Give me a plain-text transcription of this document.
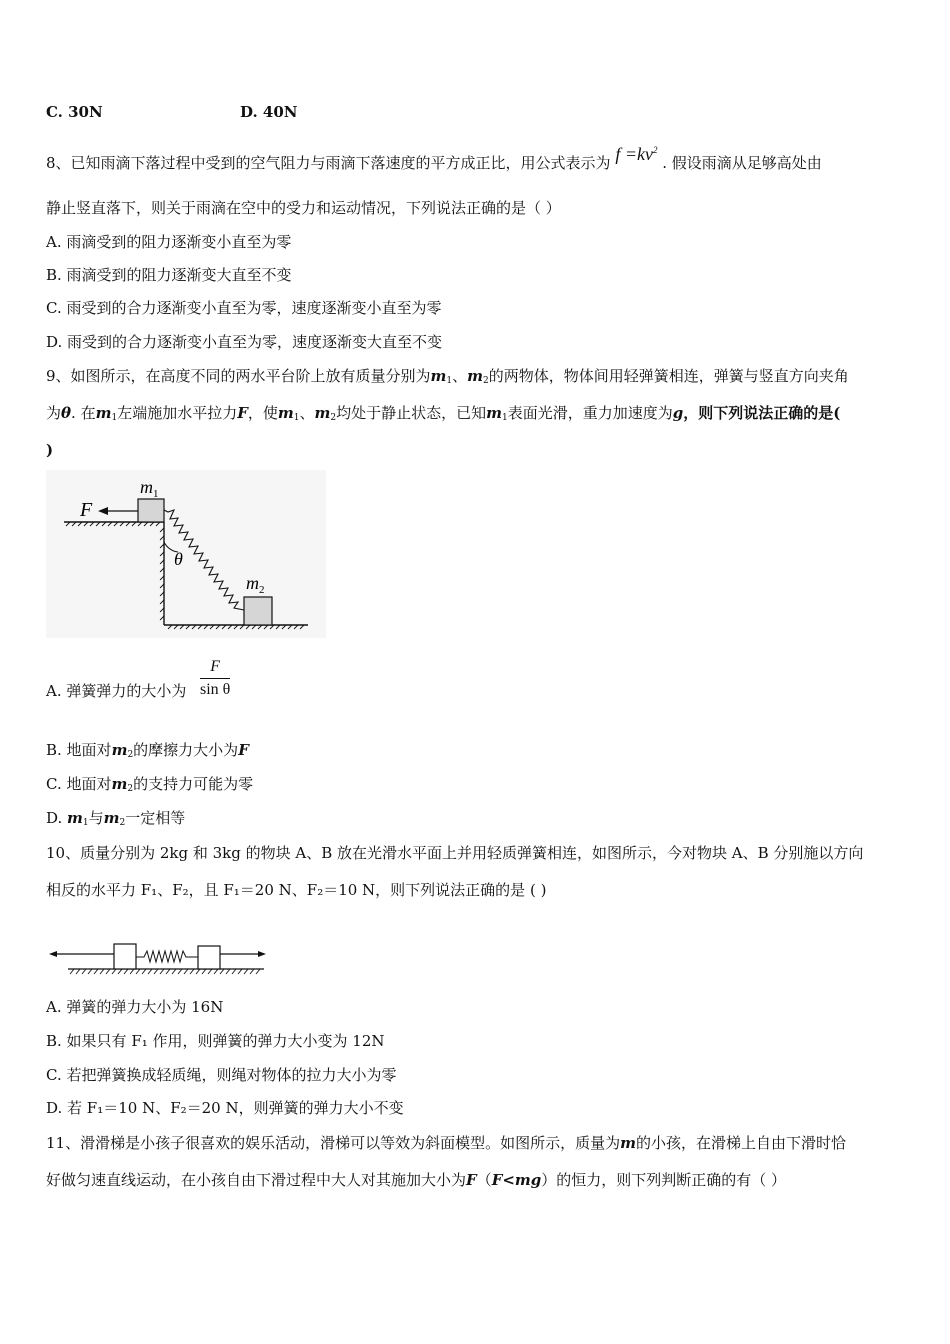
C. 30N	D. 40N
8、已知雨滴下落过程中受到的空气阻力与雨滴下落速度的平方成正比，用公式表示为 $f =kv^2$ . 假设雨滴从足够高处由
静止竖直落下，则关于雨滴在空中的受力和运动情况，下列说法正确的是（ ）
A. 雨滴受到的阻力逐渐变小直至为零
B. 雨滴受到的阻力逐渐变大直至不变
C. 雨受到的合力逐渐变小直至为零，速度逐渐变小直至为零
D. 雨受到的合力逐渐变小直至为零，速度逐渐变大直至不变
9、如图所示，在高度不同的两水平台阶上放有质量分别为$m_1$、$m_2$的两物体，物体间用轻弹簧相连，弹簧与竖直方向夹角
为θ. 在$m_1$左端施加水平拉力F，使$m_1$、$m_2$均处于静止状态，已知$m_1$表面光滑，重力加速度为g，则下列说法正确的是(
)
F
$m_1$
$m_2$
θ
A. 弹簧弹力的大小为 $\frac{F}{\text{sin θ}}$
B. 地面对$m_2$的摩擦力大小为F
C. 地面对$m_2$的支持力可能为零
D. $m_1$与$m_2$一定相等
10、质量分别为 2kg 和 3kg 的物块 A、B 放在光滑水平面上并用轻质弹簧相连，如图所示，今对物块 A、B 分别施以方向
相反的水平力 F₁、F₂，且 F₁＝20 N、F₂＝10 N，则下列说法正确的是 ( )
A. 弹簧的弹力大小为 16N
B. 如果只有 F₁ 作用，则弹簧的弹力大小变为 12N
C. 若把弹簧换成轻质绳，则绳对物体的拉力大小为零
D. 若 F₁＝10 N、F₂＝20 N，则弹簧的弹力大小不变
11、滑滑梯是小孩子很喜欢的娱乐活动，滑梯可以等效为斜面模型。如图所示，质量为m的小孩，在滑梯上自由下滑时恰
好做匀速直线运动，在小孩自由下滑过程中大人对其施加大小为F（F<mg）的恒力，则下列判断正确的有（ ）
